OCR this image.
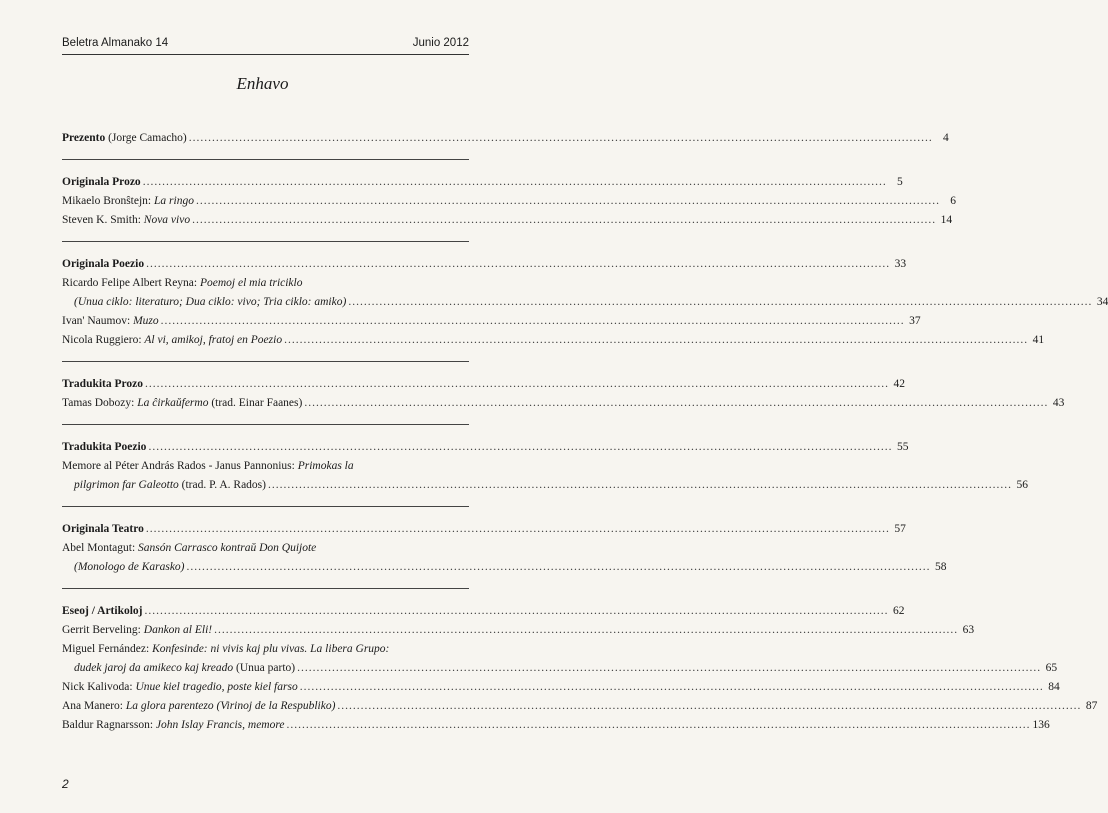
Beletra Almanako 14	Junio 2012
Enhavo
Prezento (Jorge Camacho) .....	4
Originala Prozo .....	5
Mikaelo Bronŝtejn: La ringo .....	6
Steven K. Smith: Nova vivo .....	14
Originala Poezio .....	33
Ricardo Felipe Albert Reyna: Poemoj el mia triciklo
(Unua ciklo: literaturo; Dua ciklo: vivo; Tria ciklo: amiko) .....	34
Ivan' Naumov: Muzo .....	37
Nicola Ruggiero: Al vi, amikoj, fratoj en Poezio .....	41
Tradukita Prozo .....	42
Tamas Dobozy: La ĉirkaŭfermo (trad. Einar Faanes) .....	43
Tradukita Poezio .....	55
Memore al Péter András Rados - Janus Pannonius: Primokas la
pilgrimon far Galeotto (trad. P. A. Rados) .....	56
Originala Teatro .....	57
Abel Montagut: Sansón Carrasco kontraŭ Don Quijote
(Monologo de Karasko) .....	58
Eseoj / Artikoloj .....	62
Gerrit Berveling: Dankon al Eli! .....	63
Miguel Fernández: Konfesinde: ni vivis kaj plu vivas. La libera Grupo:
dudek jaroj da amikeco kaj kreado (Unua parto) .....	65
Nick Kalivoda: Unue kiel tragedio, poste kiel farso .....	84
Ana Manero: La glora parentezo (Virinoj de la Respubliko) .....	87
Baldur Ragnarsson: John Islay Francis, memore .....	136
2
